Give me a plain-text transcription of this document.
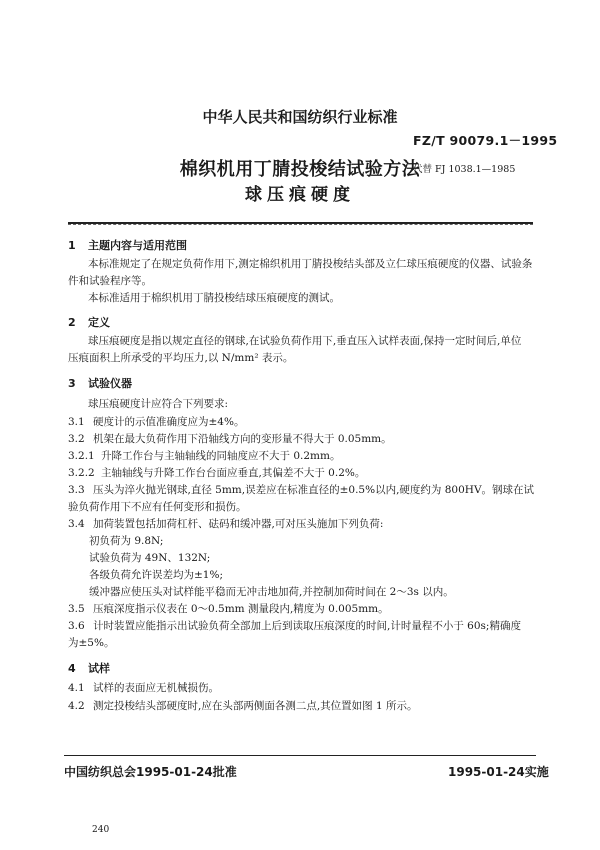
中华人民共和国纺织行业标准
FZ/T 90079.1－1995
棉织机用丁腈投梭结试验方法
代替 FJ 1038.1—1985
球压痕硬度
1 主题内容与适用范围
本标准规定了在规定负荷作用下,测定棉织机用丁腈投梭结头部及立仁球压痕硬度的仪器、试验条
件和试验程序等。
本标准适用于棉织机用丁腈投梭结球压痕硬度的测试。
2 定义
球压痕硬度是指以规定直径的钢球,在试验负荷作用下,垂直压入试样表面,保持一定时间后,单位
压痕面积上所承受的平均压力,以 N/mm² 表示。
3 试验仪器
球压痕硬度计应符合下列要求:
3.1 硬度计的示值准确度应为±4%。
3.2 机架在最大负荷作用下沿轴线方向的变形量不得大于 0.05mm。
3.2.1 升降工作台与主轴轴线的同轴度应不大于 0.2mm。
3.2.2 主轴轴线与升降工作台台面应垂直,其偏差不大于 0.2%。
3.3 压头为淬火抛光钢球,直径 5mm,误差应在标准直径的±0.5%以内,硬度约为 800HV。钢球在试
验负荷作用下不应有任何变形和损伤。
3.4 加荷装置包括加荷杠杆、砝码和缓冲器,可对压头施加下列负荷:
初负荷为 9.8N;
试验负荷为 49N、132N;
各级负荷允许误差均为±1%;
缓冲器应使压头对试样能平稳而无冲击地加荷,并控制加荷时间在 2～3s 以内。
3.5 压痕深度指示仪表在 0～0.5mm 测量段内,精度为 0.005mm。
3.6 计时装置应能指示出试验负荷全部加上后到读取压痕深度的时间,计时量程不小于 60s;精确度
为±5%。
4 试样
4.1 试样的表面应无机械损伤。
4.2 测定投梭结头部硬度时,应在头部两侧面各测二点,其位置如图 1 所示。
中国纺织总会1995-01-24批准	1995-01-24实施
240
